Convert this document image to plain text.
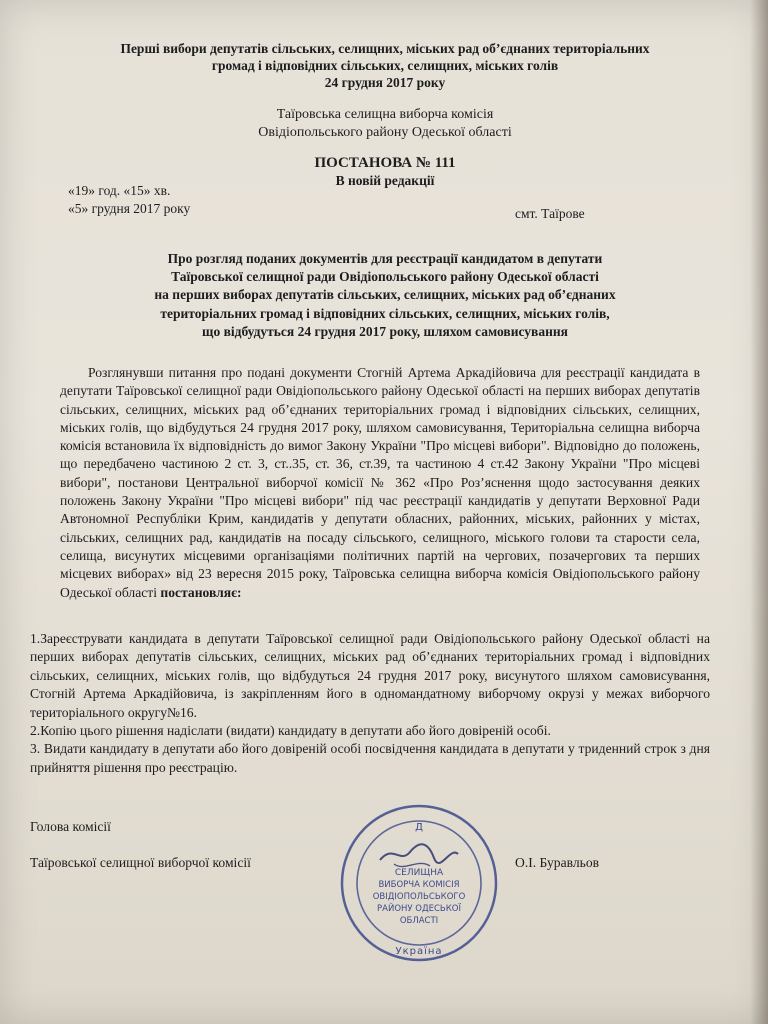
Перші вибори депутатів сільських, селищних, міських рад об’єднаних територіальних
громад і відповідних сільських, селищних, міських голів
24 грудня 2017 року
Таїровська селищна виборча комісія
Овідіопольського району Одеської області
ПОСТАНОВА № 111
В новій редакції
«19» год. «15» хв.
«5» грудня 2017 року	смт. Таїрове
Про розгляд поданих документів для реєстрації кандидатом в депутати
Таїровської селищної ради Овідіопольського району Одеської області
на перших виборах депутатів сільських, селищних, міських рад об’єднаних
територіальних громад і відповідних сільських, селищних, міських голів,
що відбудуться 24 грудня 2017 року, шляхом самовисування

Розглянувши питання про подані документи Стогній Артема Аркадійовича для реєстрації кандидата в депутати Таїровської селищної ради Овідіопольського району Одеської області на перших виборах депутатів сільських, селищних, міських рад об’єднаних територіальних громад і відповідних сільських, селищних, міських голів, що відбудуться 24 грудня 2017 року, шляхом самовисування, Територіальна селищна виборча комісія встановила їх відповідність до вимог Закону України "Про місцеві вибори". Відповідно до положень, що передбачено частиною 2 ст. 3, ст..35, ст. 36, ст.39, та частиною 4 ст.42 Закону України "Про місцеві вибори", постанови Центральної виборчої комісії № 362 «Про Роз’яснення щодо застосування деяких положень Закону України "Про місцеві вибори" під час реєстрації кандидатів у депутати Верховної Ради Автономної Республіки Крим, кандидатів у депутати обласних, районних, міських, районних у містах, сільських, селищних рад, кандидатів на посаду сільського, селищного, міського голови та старости села, селища, висунутих місцевими організаціями політичних партій на чергових, позачергових та перших місцевих виборах» від 23 вересня 2015 року, Таїровська селищна виборча комісія Овідіопольського району Одеської області постановляє:

1.Зареєструвати кандидата в депутати Таїровської селищної ради Овідіопольського району Одеської області на перших виборах депутатів сільських, селищних, міських рад об’єднаних територіальних громад і відповідних сільських, селищних, міських голів, що відбудуться 24 грудня 2017 року, висунутого шляхом самовисування, Стогній Артема Аркадійовича, із закріпленням його в одномандатному виборчому окрузі у межах виборчого територіального округу№16.

2.Копію цього рішення надіслати (видати) кандидату в депутати або його довіреній особі.

3. Видати кандидату в депутати або його довіреній особі посвідчення кандидата в депутати у триденний строк з дня прийняття рішення про реєстрацію.

Голова комісії
Таїровської селищної виборчої комісії	О.І. Буравльов
Д
СЕЛИЩНА
ВИБОРЧА КОМІСІЯ
ОВІДІОПОЛЬСЬКОГО
РАЙОНУ ОДЕСЬКОЇ
ОБЛАСТІ
Україна
